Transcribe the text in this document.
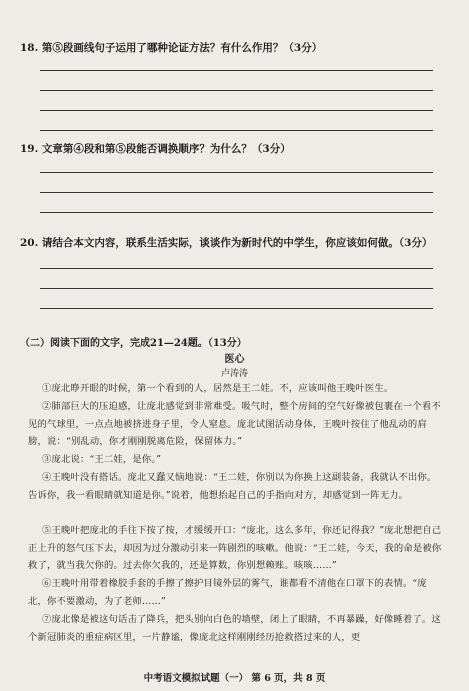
18. 第⑤段画线句子运用了哪种论证方法？有什么作用？（3分）
19. 文章第④段和第⑤段能否调换顺序？为什么？（3分）
20. 请结合本文内容，联系生活实际，谈谈作为新时代的中学生，你应该如何做。（3分）
（二）阅读下面的文字，完成21—24题。（13分）
医心
卢涛涛
①庞北睁开眼的时候，第一个看到的人，居然是王二娃。不，应该叫他王晚叶医生。
②肺部巨大的压迫感，让庞北感觉到非常难受。吸气时，整个房间的空气好像被包裹在一个看不见的气球里，一点点地被挤进身子里，令人窒息。庞北试图活动身体，王晚叶按住了他乱动的肩膀，说：“别乱动，你才刚刚脱离危险，保留体力。”
③庞北说：“王二娃，是你。”
④王晚叶没有搭话。庞北又蠢又恼地说：“王二娃，你别以为你换上这副装备，我就认不出你。告诉你，我一看眼睛就知道是你。”说着，他想抬起自己的手指向对方，却感觉到一阵无力。
⑤王晚叶把庞北的手往下按了按，才缓缓开口：“庞北，这么多年，你还记得我？”庞北想把自己正上升的怒气压下去，却因为过分激动引来一阵剧烈的咳嗽。他说：“王二娃，今天，我的命是被你救了，就当我欠你的。过去你欠我的，还是算数，你别想赖账。咳咳……”
⑥王晚叶用带着橡胶手套的手擦了擦护目镜外层的雾气，谁都看不清他在口罩下的表情。“庞北，你不要激动，为了老师……”
⑦庞北像是被这句话击了降兵，把头别向白色的墙壁，闭上了眼睛，不再暴躁，好像睡着了。这个新冠肺炎的重症病区里，一片静谧，像庞北这样刚刚经历抢救搭过来的人，更
中考语文模拟试题（一） 第 6 页，共 8 页
